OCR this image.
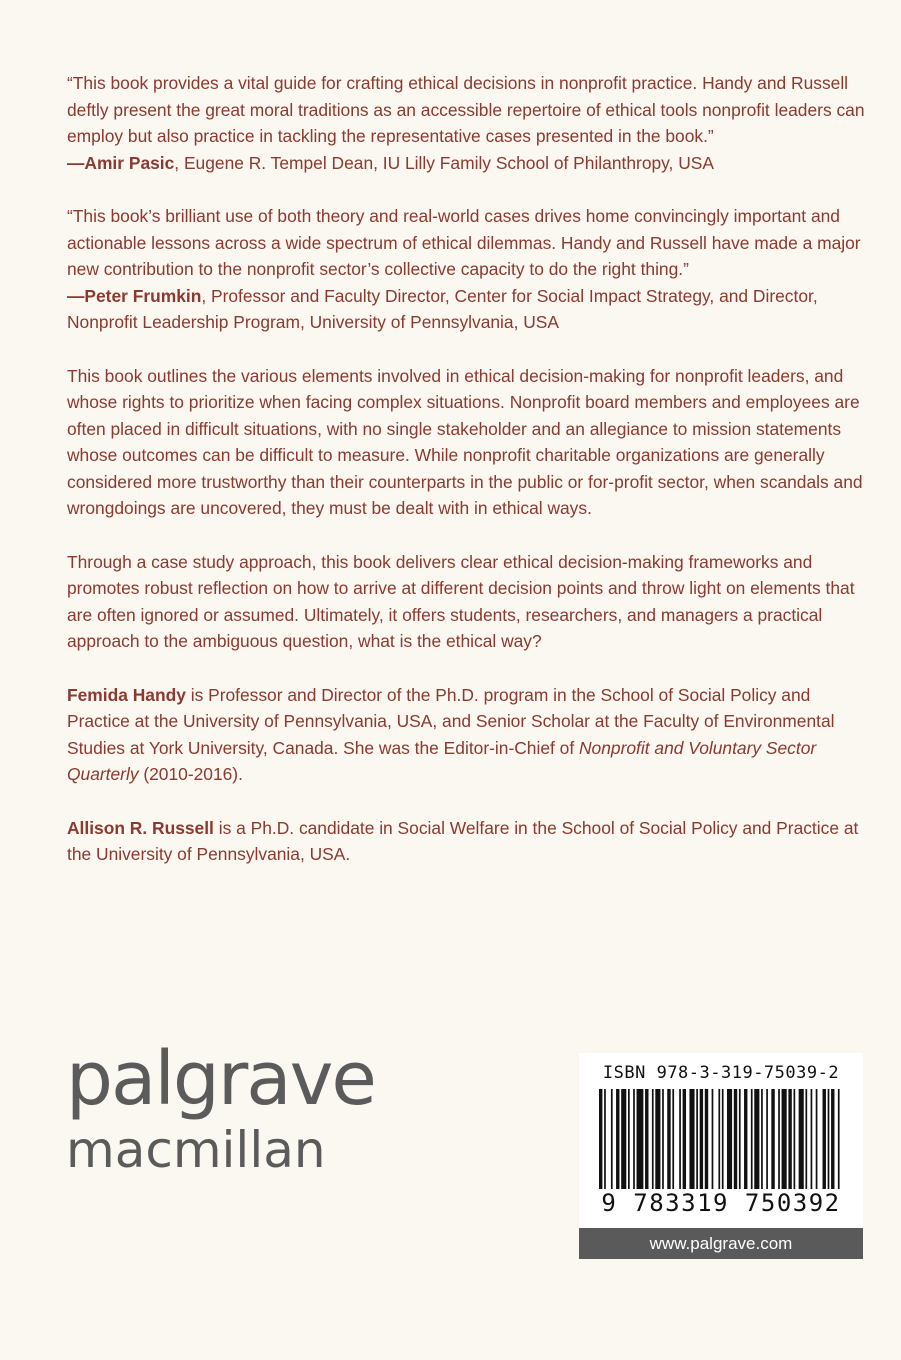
“This book provides a vital guide for crafting ethical decisions in nonprofit practice. Handy and Russell deftly present the great moral traditions as an accessible repertoire of ethical tools nonprofit leaders can employ but also practice in tackling the representative cases presented in the book.”
—Amir Pasic, Eugene R. Tempel Dean, IU Lilly Family School of Philanthropy, USA

“This book’s brilliant use of both theory and real-world cases drives home convincingly important and actionable lessons across a wide spectrum of ethical dilemmas. Handy and Russell have made a major new contribution to the nonprofit sector’s collective capacity to do the right thing.”
—Peter Frumkin, Professor and Faculty Director, Center for Social Impact Strategy, and Director, Nonprofit Leadership Program, University of Pennsylvania, USA

This book outlines the various elements involved in ethical decision-making for nonprofit leaders, and whose rights to prioritize when facing complex situations. Nonprofit board members and employees are often placed in difficult situations, with no single stakeholder and an allegiance to mission statements whose outcomes can be difficult to measure. While nonprofit charitable organizations are generally considered more trustworthy than their counterparts in the public or for-profit sector, when scandals and wrongdoings are uncovered, they must be dealt with in ethical ways.

Through a case study approach, this book delivers clear ethical decision-making frameworks and promotes robust reflection on how to arrive at different decision points and throw light on elements that are often ignored or assumed. Ultimately, it offers students, researchers, and managers a practical approach to the ambiguous question, what is the ethical way?

Femida Handy is Professor and Director of the Ph.D. program in the School of Social Policy and Practice at the University of Pennsylvania, USA, and Senior Scholar at the Faculty of Environmental Studies at York University, Canada. She was the Editor-in-Chief of Nonprofit and Voluntary Sector Quarterly (2010-2016).

Allison R. Russell is a Ph.D. candidate in Social Welfare in the School of Social Policy and Practice at the University of Pennsylvania, USA.

palgrave
macmillan
ISBN 978-3-319-75039-2
9 783319 750392
www.palgrave.com
